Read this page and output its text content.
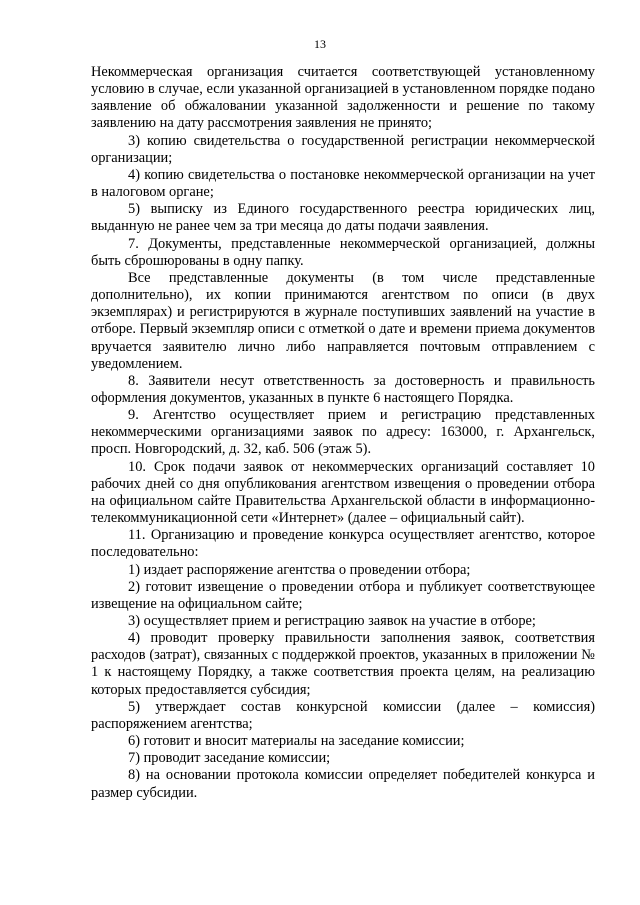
13

Некоммерческая организация считается соответствующей установленному условию в случае, если указанной организацией в установленном порядке подано заявление об обжаловании указанной задолженности и решение по такому заявлению на дату рассмотрения заявления не принято;

3) копию свидетельства о государственной регистрации некоммерческой организации;

4) копию свидетельства о постановке некоммерческой организации на учет в налоговом органе;

5) выписку из Единого государственного реестра юридических лиц, выданную не ранее чем за три месяца до даты подачи заявления.

7. Документы, представленные некоммерческой организацией, должны быть сброшюрованы в одну папку.

Все представленные документы (в том числе представленные дополнительно), их копии принимаются агентством по описи (в двух экземплярах) и регистрируются в журнале поступивших заявлений на участие в отборе. Первый экземпляр описи с отметкой о дате и времени приема документов вручается заявителю лично либо направляется почтовым отправлением с уведомлением.

8. Заявители несут ответственность за достоверность и правильность оформления документов, указанных в пункте 6 настоящего Порядка.

9. Агентство осуществляет прием и регистрацию представленных некоммерческими организациями заявок по адресу: 163000, г. Архангельск, просп. Новгородский, д. 32, каб. 506 (этаж 5).

10. Срок подачи заявок от некоммерческих организаций составляет 10 рабочих дней со дня опубликования агентством извещения о проведении отбора на официальном сайте Правительства Архангельской области в информационно-телекоммуникационной сети «Интернет» (далее – официальный сайт).

11. Организацию и проведение конкурса осуществляет агентство, которое последовательно:

1) издает распоряжение агентства о проведении отбора;

2) готовит извещение о проведении отбора и публикует соответствующее извещение на официальном сайте;

3) осуществляет прием и регистрацию заявок на участие в отборе;

4) проводит проверку правильности заполнения заявок, соответствия расходов (затрат), связанных с поддержкой проектов, указанных в приложении № 1 к настоящему Порядку, а также соответствия проекта целям, на реализацию которых предоставляется субсидия;

5) утверждает состав конкурсной комиссии (далее – комиссия) распоряжением агентства;

6) готовит и вносит материалы на заседание комиссии;

7) проводит заседание комиссии;

8) на основании протокола комиссии определяет победителей конкурса и размер субсидии.
